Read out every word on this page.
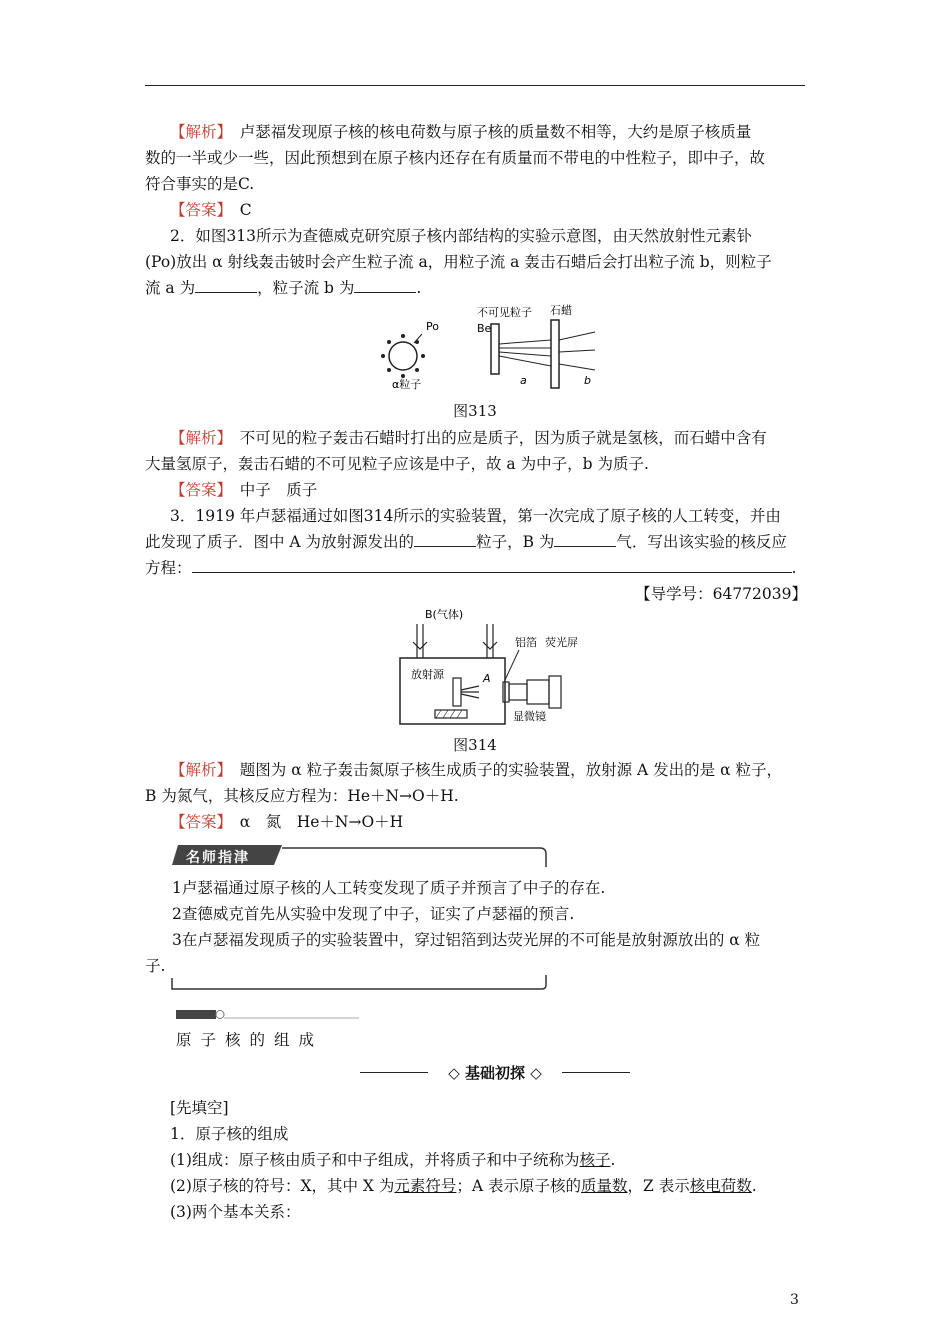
【解析】　卢瑟福发现原子核的核电荷数与原子核的质量数不相等，大约是原子核质量
数的一半或少一些，因此预想到在原子核内还存在有质量而不带电的中性粒子，即中子，故
符合事实的是C.
【答案】　C
2．如图313所示为查德威克研究原子核内部结构的实验示意图，由天然放射性元素钋
(Po)放出 α 射线轰击铍时会产生粒子流 a，用粒子流 a 轰击石蜡后会打出粒子流 b，则粒子
流 a 为	，粒子流 b 为	.
Po
α粒子
不可见粒子
Be
石蜡
a	b
图313
【解析】　不可见的粒子轰击石蜡时打出的应是质子，因为质子就是氢核，而石蜡中含有
大量氢原子，轰击石蜡的不可见粒子应该是中子，故 a 为中子，b 为质子.
【答案】　中子　质子
3．1919 年卢瑟福通过如图314所示的实验装置，第一次完成了原子核的人工转变，并由
此发现了质子．图中 A 为放射源发出的	粒子，B 为	气．写出该实验的核反应
方程：	.
【导学号：64772039】
B(气体)
铝箔 荧光屏
放射源	A
显微镜
图314
【解析】　题图为 α 粒子轰击氮原子核生成质子的实验装置，放射源 A 发出的是 α 粒子，
B 为氮气，其核反应方程为：He＋N→O＋H.
【答案】　α　氮　He＋N→O＋H
名师指津
1卢瑟福通过原子核的人工转变发现了质子并预言了中子的存在.
2查德威克首先从实验中发现了中子，证实了卢瑟福的预言.
3在卢瑟福发现质子的实验装置中，穿过铝箔到达荧光屏的不可能是放射源放出的 α 粒
子.
原子核的组成
◇ 基础初探 ◇
[先填空]
1．原子核的组成
(1)组成：原子核由质子和中子组成，并将质子和中子统称为核子.
(2)原子核的符号：X，其中 X 为元素符号；A 表示原子核的质量数，Z 表示核电荷数.
(3)两个基本关系：
3
